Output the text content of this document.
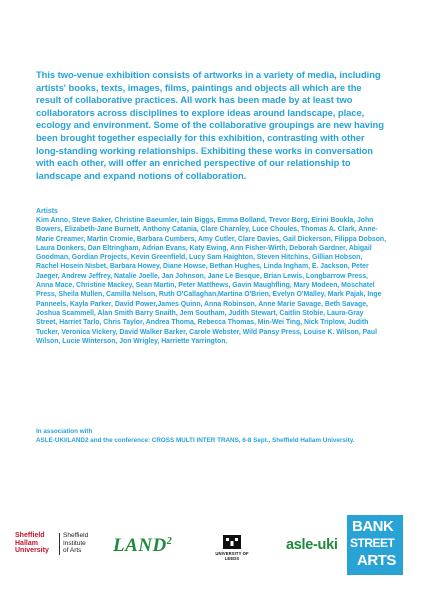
This two-venue exhibition consists of artworks in a variety of media, including artists' books, texts, images, films, paintings and objects all which are the result of collaborative practices. All work has been made by at least two collaborators across disciplines to explore ideas around landscape, place, ecology and environment. Some of the collaborative groupings are new having been brought together especially for this exhibition, contrasting with other long-standing working relationships. Exhibiting these works in conversation with each other, will offer an enriched perspective of our relationship to landscape and expand notions of collaboration.

Artists

Kim Anno, Steve Baker, Christine Baeumler, Iain Biggs, Emma Bolland, Trevor Borg, Eirini Boukla, John Bowers, Elizabeth-Jane Burnett, Anthony Catania, Clare Charnley, Luce Choules, Thomas A. Clark, Anne-Marie Creamer, Martin Cromie, Barbara Cumbers, Amy Cutler, Clare Davies, Gail Dickerson, Filippa Dobson, Laura Donkers, Dan Eltringham, Adrian Evans, Katy Ewing, Ann Fisher-Wirth, Deborah Gardner, Abigail Goodman, Gordian Projects, Kevin Greenfield, Lucy Sam Haighton, Steven Hitchins, Gillian Hobson, Rachel Hosein Nisbet, Barbara Howey, Diane Howse, Bethan Hughes, Linda Ingham, E. Jackson, Peter Jaeger, Andrew Jeffrey, Natalie Joelle, Jan Johnson, Jane Le Besque, Brian Lewis, Longbarrow Press, Anna Mace, Christine Mackey, Sean Martin, Peter Matthews, Gavin Maughfling, Mary Modeen, Moschatel Press, Sheila Mullen, Camilla Nelson, Ruth O'Callaghan,Martina O'Brien, Evelyn O'Malley, Mark Pajak, Inge Panneels, Kayla Parker, David Power,James Quinn, Anna Robinson, Anne Marie Savage, Beth Savage, Joshua Scammell, Alan Smith Barry Snaith, Jem Southam, Judith Stewart, Caitlin Stobie, Laura-Gray Street, Harriet Tarlo, Chris Taylor, Andrea Thoma, Rebecca Thomas, Min-Wei Ting, Nick Triplow, Judith Tucker, Veronica Vickery, David Walker Barker, Carole Webster, Wild Pansy Press, Louise K. Wilson, Paul Wilson, Lucie Winterson, Jon Wrigley, Harriette Yarrington.

In association with
ASLE-UKI/LAND2 and the conference: CROSS MULTI INTER TRANS, 6-8 Sept., Sheffield Hallam University.
Sheffield
Hallam
University
Sheffield
Institute
of Arts	LAND$^2$
UNIVERSITY OF LEEDS
asle-uki
BANK
STREET
ARTS
